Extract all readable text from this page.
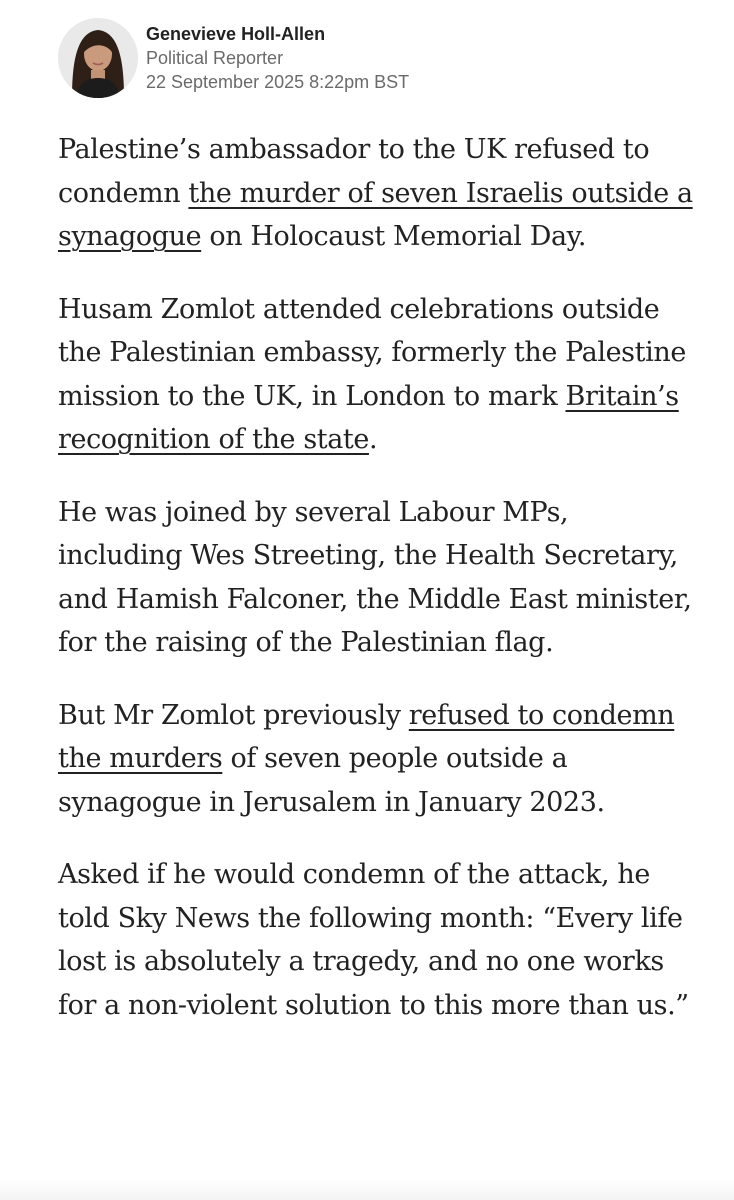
Genevieve Holl-Allen
Political Reporter
22 September 2025 8:22pm BST

Palestine’s ambassador to the UK refused to condemn the murder of seven Israelis outside a synagogue on Holocaust Memorial Day.

Husam Zomlot attended celebrations outside the Palestinian embassy, formerly the Palestine mission to the UK, in London to mark Britain’s recognition of the state.

He was joined by several Labour MPs, including Wes Streeting, the Health Secretary, and Hamish Falconer, the Middle East minister, for the raising of the Palestinian flag.

But Mr Zomlot previously refused to condemn the murders of seven people outside a synagogue in Jerusalem in January 2023.

Asked if he would condemn of the attack, he told Sky News the following month: “Every life lost is absolutely a tragedy, and no one works for a non-violent solution to this more than us.”
